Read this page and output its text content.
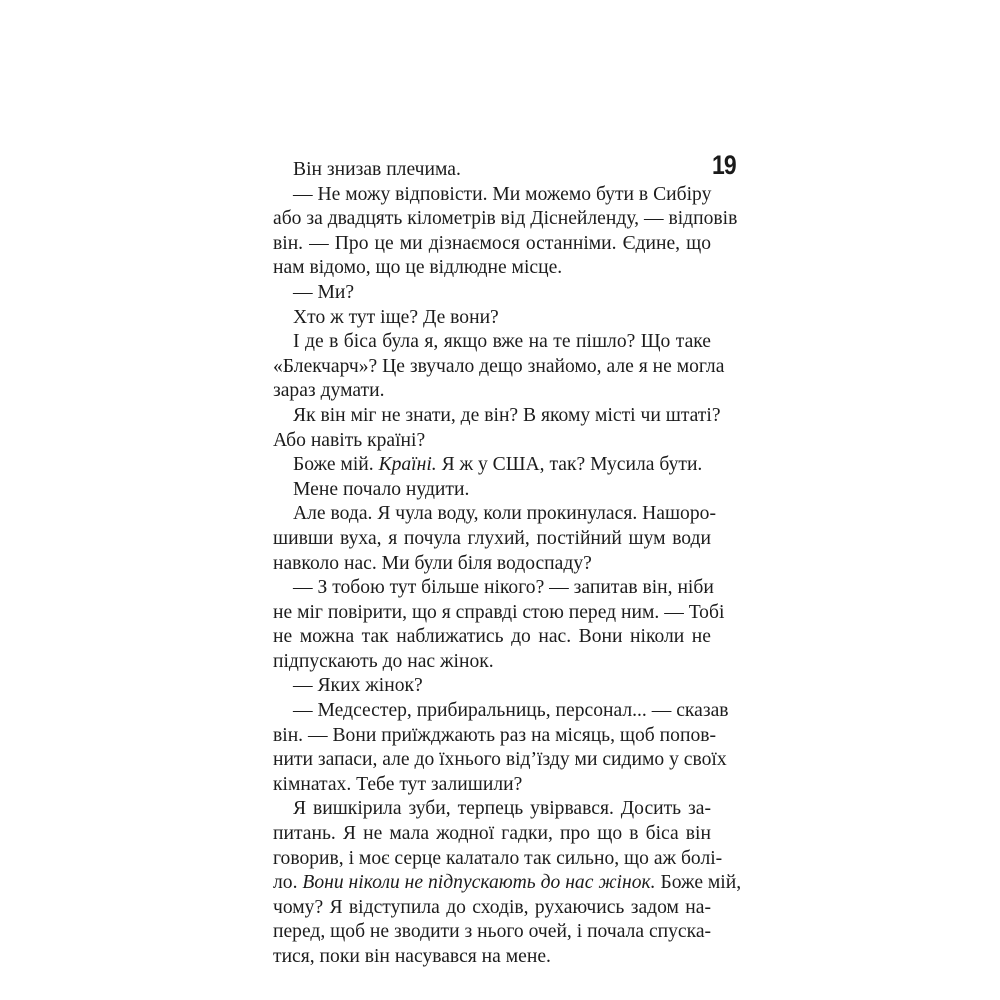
19
Він знизав плечима.
— Не можу відповісти. Ми можемо бути в Сибіру
або за двадцять кілометрів від Діснейленду, — відповів
він. — Про це ми дізнаємося останніми. Єдине, що
нам відомо, що це відлюдне місце.
— Ми?
Хто ж тут іще? Де вони?
І де в біса була я, якщо вже на те пішло? Що таке
«Блекчарч»? Це звучало дещо знайомо, але я не могла
зараз думати.
Як він міг не знати, де він? В якому місті чи штаті?
Або навіть країні?
Боже мій. Країні. Я ж у США, так? Мусила бути.
Мене почало нудити.
Але вода. Я чула воду, коли прокинулася. Нашоро-
шивши вуха, я почула глухий, постійний шум води
навколо нас. Ми були біля водоспаду?
— З тобою тут більше нікого? — запитав він, ніби
не міг повірити, що я справді стою перед ним. — Тобі
не можна так наближатись до нас. Вони ніколи не
підпускають до нас жінок.
— Яких жінок?
— Медсестер, прибиральниць, персонал... — сказав
він. — Вони приїжджають раз на місяць, щоб попов-
нити запаси, але до їхнього від’їзду ми сидимо у своїх
кімнатах. Тебе тут залишили?
Я вишкірила зуби, терпець увірвався. Досить за-
питань. Я не мала жодної гадки, про що в біса він
говорив, і моє серце калатало так сильно, що аж болі-
ло. Вони ніколи не підпускають до нас жінок. Боже мій,
чому? Я відступила до сходів, рухаючись задом на-
перед, щоб не зводити з нього очей, і почала спуска-
тися, поки він насувався на мене.
